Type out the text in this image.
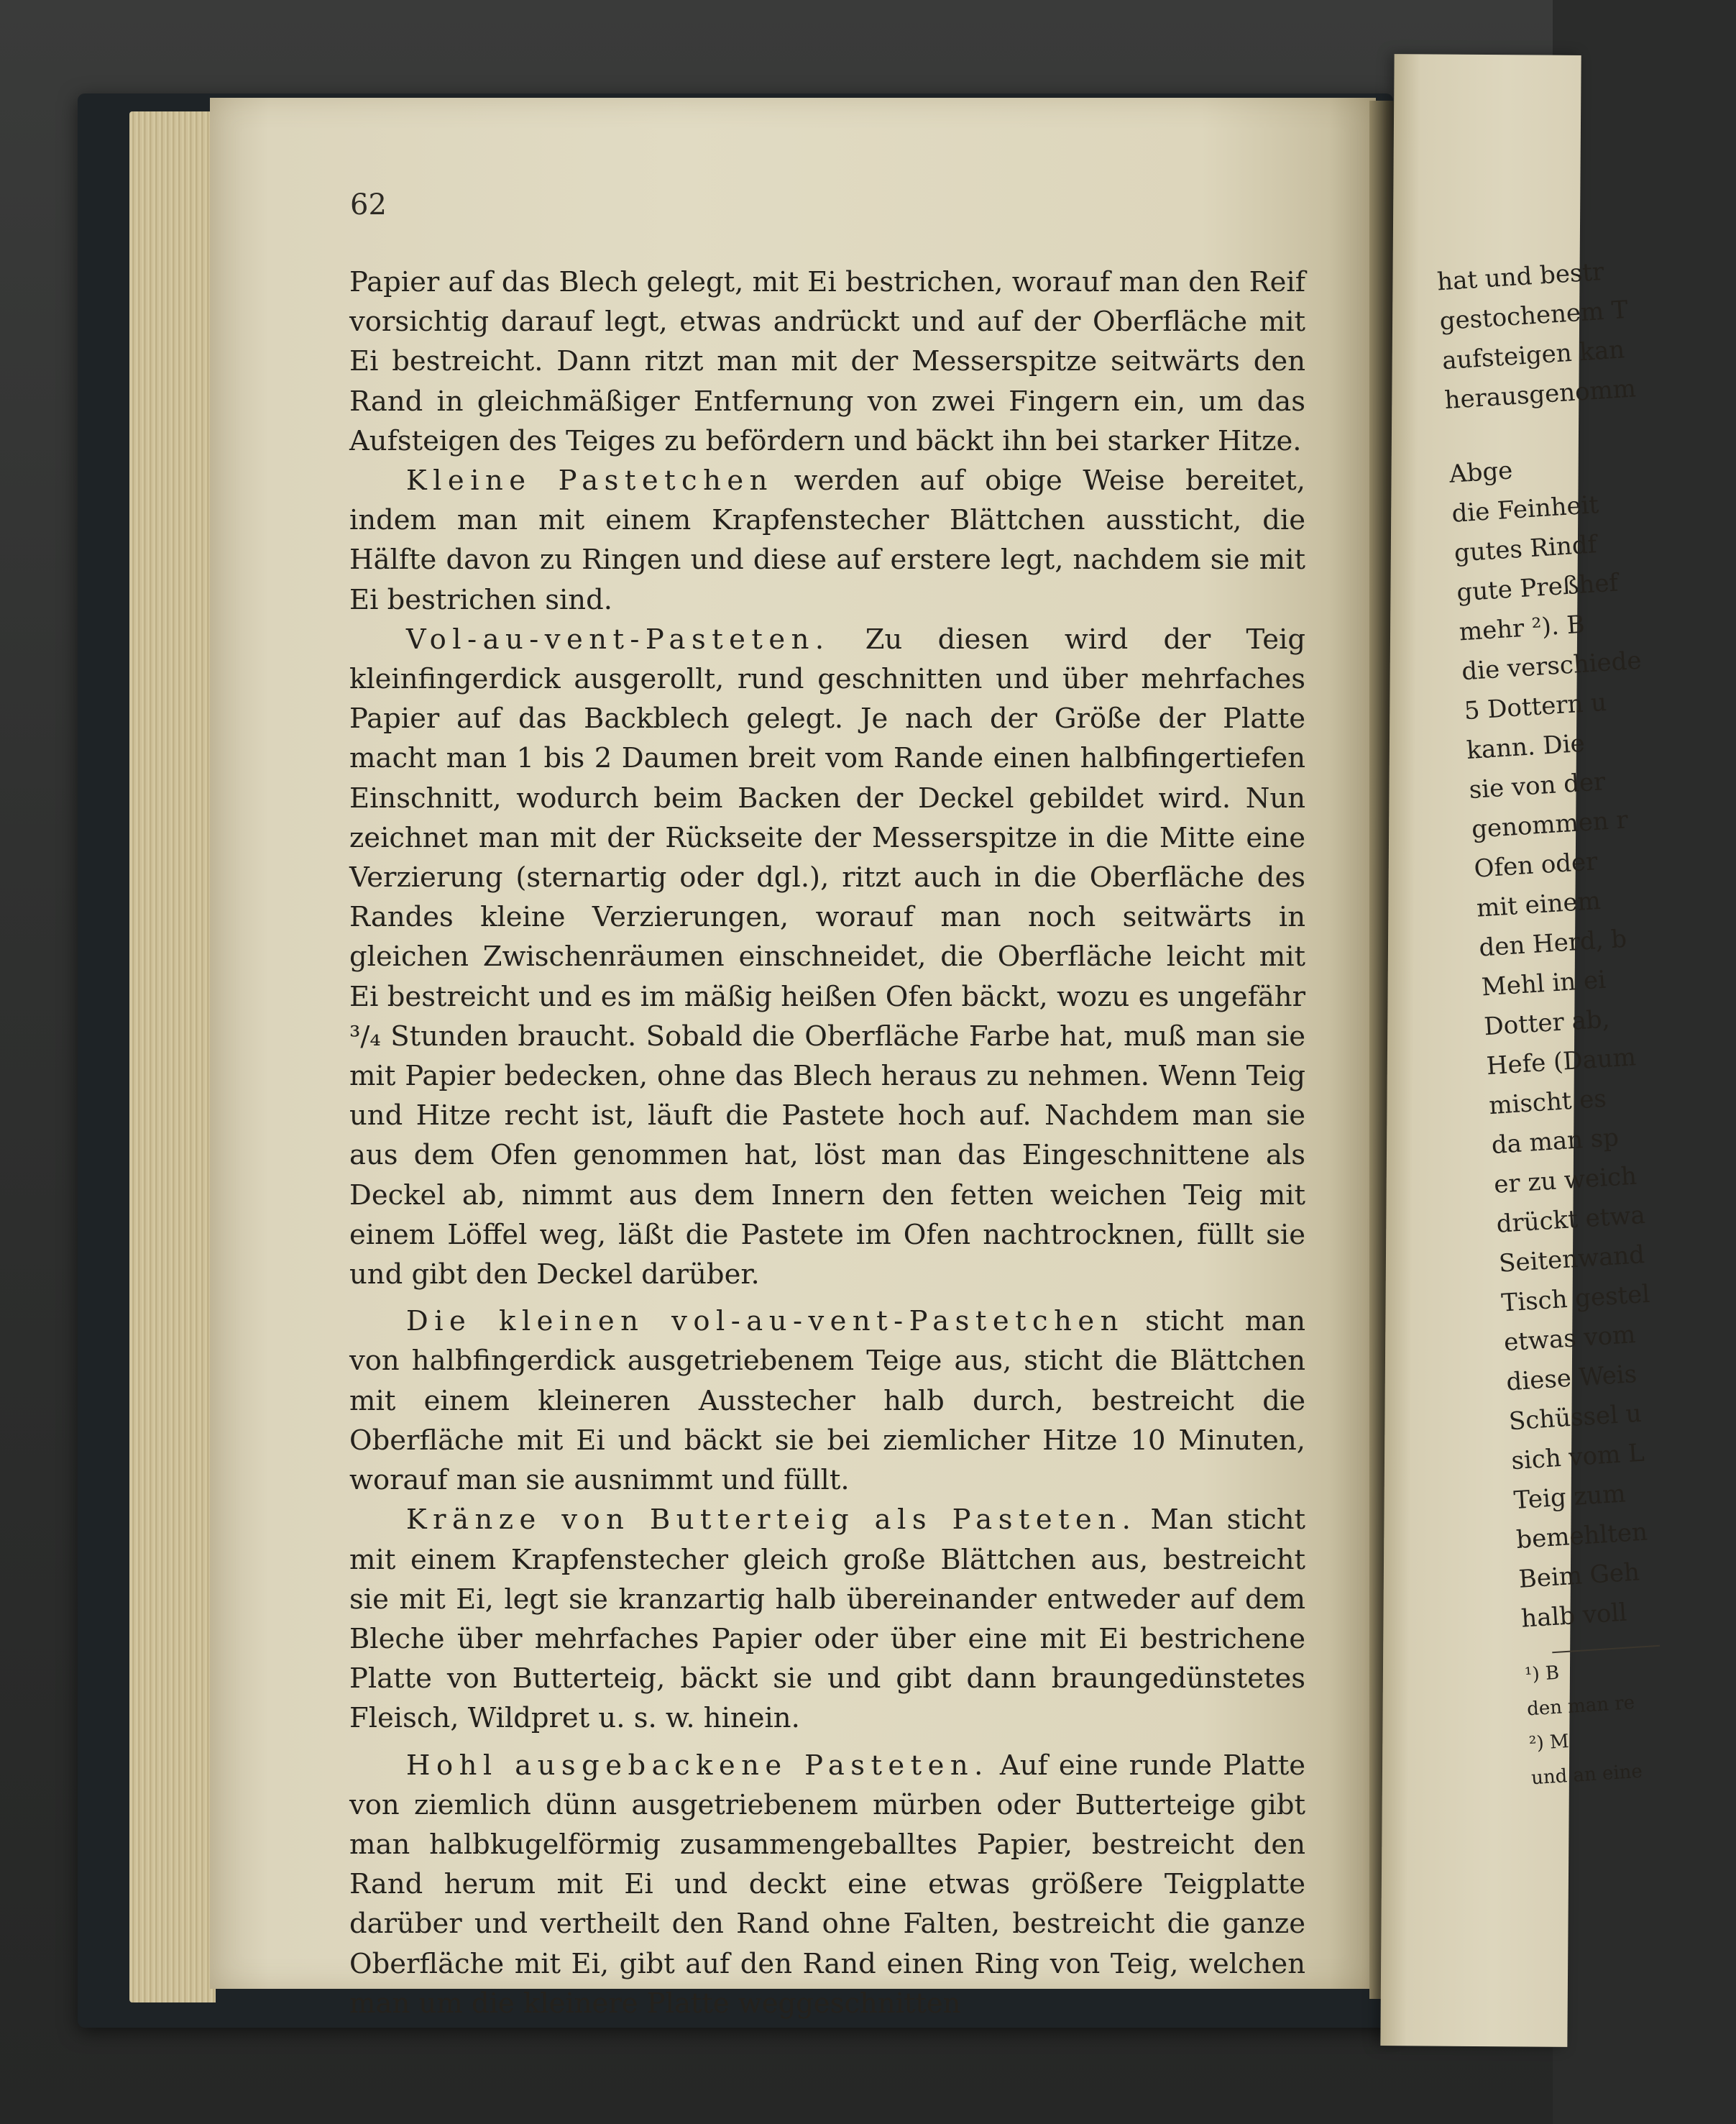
62

Papier auf das Blech gelegt, mit Ei bestrichen, worauf man den Reif vorsichtig darauf legt, etwas andrückt und auf der Oberfläche mit Ei bestreicht. Dann ritzt man mit der Messerspitze seitwärts den Rand in gleichmäßiger Entfernung von zwei Fingern ein, um das Aufsteigen des Teiges zu befördern und bäckt ihn bei starker Hitze.

Kleine Pastetchen werden auf obige Weise bereitet, indem man mit einem Krapfenstecher Blättchen aussticht, die Hälfte davon zu Ringen und diese auf erstere legt, nachdem sie mit Ei bestrichen sind.

Vol-au-vent-Pasteten. Zu diesen wird der Teig kleinfingerdick ausgerollt, rund geschnitten und über mehrfaches Papier auf das Backblech gelegt. Je nach der Größe der Platte macht man 1 bis 2 Daumen breit vom Rande einen halbfingertiefen Einschnitt, wodurch beim Backen der Deckel gebildet wird. Nun zeichnet man mit der Rückseite der Messerspitze in die Mitte eine Verzierung (sternartig oder dgl.), ritzt auch in die Oberfläche des Randes kleine Verzierungen, worauf man noch seitwärts in gleichen Zwischenräumen einschneidet, die Oberfläche leicht mit Ei bestreicht und es im mäßig heißen Ofen bäckt, wozu es ungefähr ³/₄ Stunden braucht. Sobald die Oberfläche Farbe hat, muß man sie mit Papier bedecken, ohne das Blech heraus zu nehmen. Wenn Teig und Hitze recht ist, läuft die Pastete hoch auf. Nachdem man sie aus dem Ofen genommen hat, löst man das Eingeschnittene als Deckel ab, nimmt aus dem Innern den fetten weichen Teig mit einem Löffel weg, läßt die Pastete im Ofen nachtrocknen, füllt sie und gibt den Deckel darüber.

Die kleinen vol-au-vent-Pastetchen sticht man von halbfingerdick ausgetriebenem Teige aus, sticht die Blättchen mit einem kleineren Ausstecher halb durch, bestreicht die Oberfläche mit Ei und bäckt sie bei ziemlicher Hitze 10 Minuten, worauf man sie ausnimmt und füllt.

Kränze von Butterteig als Pasteten. Man sticht mit einem Krapfenstecher gleich große Blättchen aus, bestreicht sie mit Ei, legt sie kranzartig halb übereinander entweder auf dem Bleche über mehrfaches Papier oder über eine mit Ei bestrichene Platte von Butterteig, bäckt sie und gibt dann braungedünstetes Fleisch, Wildpret u. s. w. hinein.

Hohl ausgebackene Pasteten. Auf eine runde Platte von ziemlich dünn ausgetriebenem mürben oder Butterteige gibt man halbkugelförmig zusammengeballtes Papier, bestreicht den Rand herum mit Ei und deckt eine etwas größere Teigplatte darüber und vertheilt den Rand ohne Falten, bestreicht die ganze Oberfläche mit Ei, gibt auf den Rand einen Ring von Teig, welchen man um die kleinere Platte weggeschnitten

hat und bestr
gestochenem T
aufsteigen kan
herausgenomm
Abge
die Feinheit
gutes Rindf
gute Preßhef
mehr ²). B
die verschiede
5 Dottern u
kann. Die
sie von der
genommen r
Ofen oder
mit einem
den Herd, b
Mehl in ei
Dotter ab,
Hefe (Daum
mischt es
da man sp
er zu weich
drückt etwa
Seitenwand
Tisch gestel
etwas vom
diese Weis
Schüssel u
sich vom L
Teig zum
bemehlten
Beim Geh
halb voll
¹) B
den man re
²) M
und an eine
